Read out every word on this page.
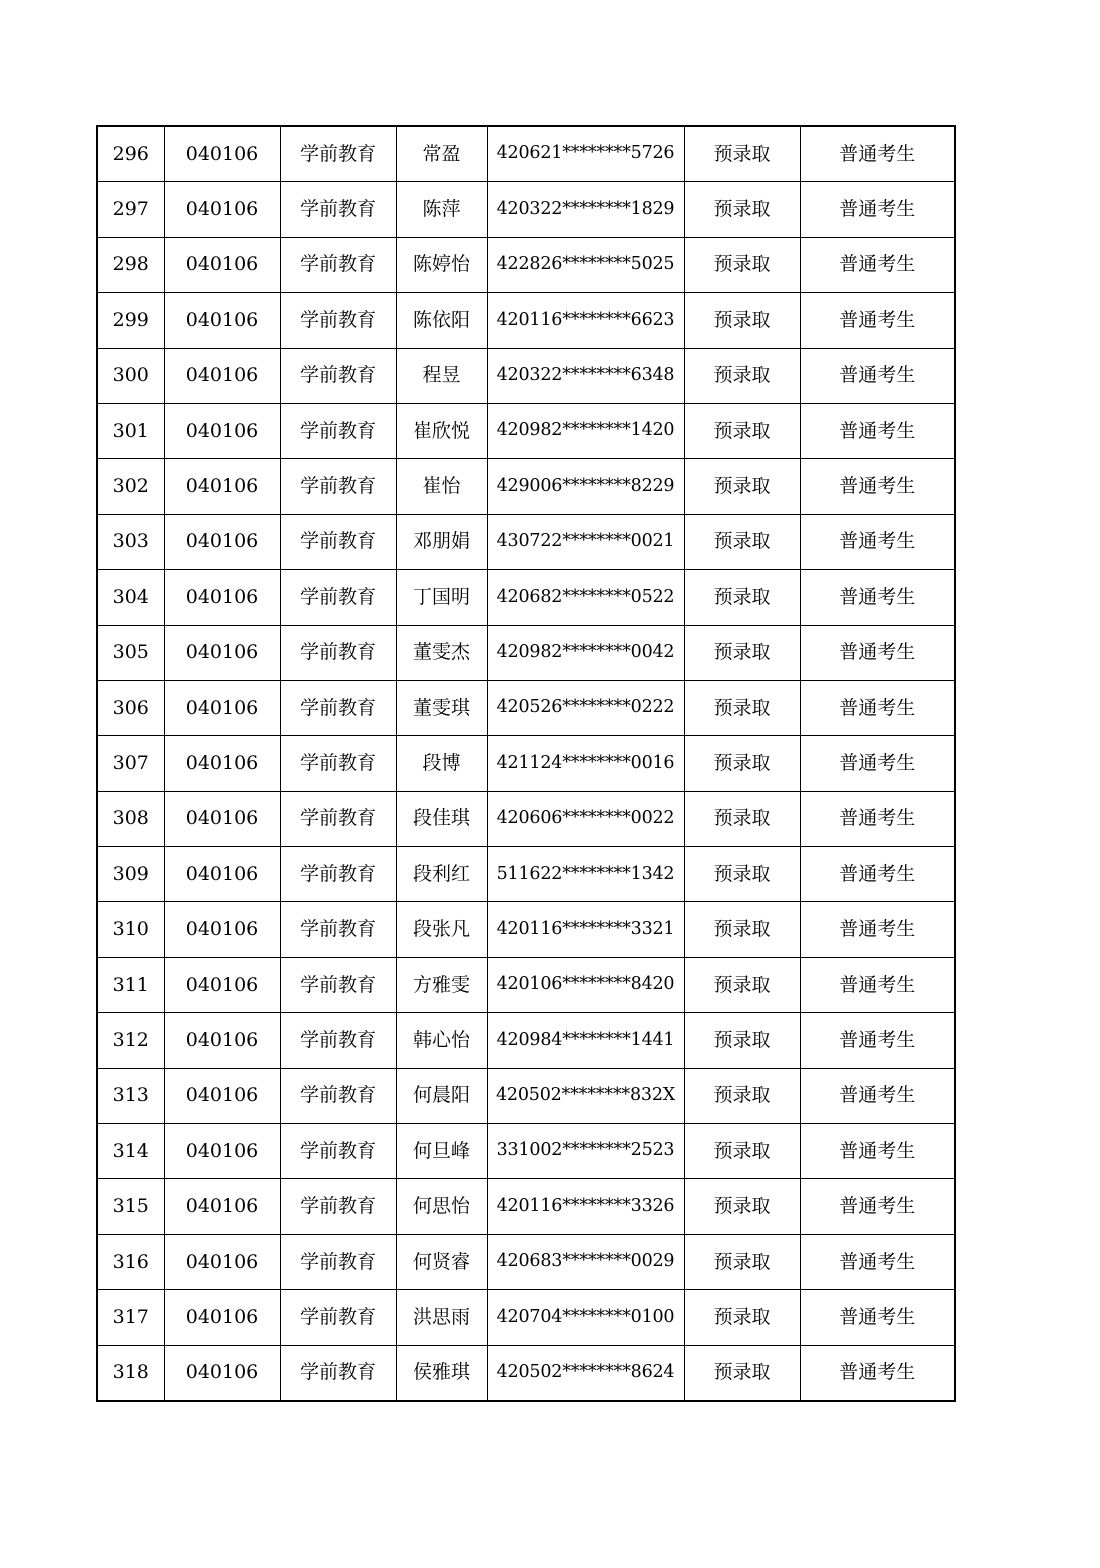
296	040106	学前教育	常盈	420621********5726	预录取	普通考生
297	040106	学前教育	陈萍	420322********1829	预录取	普通考生
298	040106	学前教育	陈婷怡	422826********5025	预录取	普通考生
299	040106	学前教育	陈依阳	420116********6623	预录取	普通考生
300	040106	学前教育	程昱	420322********6348	预录取	普通考生
301	040106	学前教育	崔欣悦	420982********1420	预录取	普通考生
302	040106	学前教育	崔怡	429006********8229	预录取	普通考生
303	040106	学前教育	邓朋娟	430722********0021	预录取	普通考生
304	040106	学前教育	丁国明	420682********0522	预录取	普通考生
305	040106	学前教育	董雯杰	420982********0042	预录取	普通考生
306	040106	学前教育	董雯琪	420526********0222	预录取	普通考生
307	040106	学前教育	段博	421124********0016	预录取	普通考生
308	040106	学前教育	段佳琪	420606********0022	预录取	普通考生
309	040106	学前教育	段利红	511622********1342	预录取	普通考生
310	040106	学前教育	段张凡	420116********3321	预录取	普通考生
311	040106	学前教育	方雅雯	420106********8420	预录取	普通考生
312	040106	学前教育	韩心怡	420984********1441	预录取	普通考生
313	040106	学前教育	何晨阳	420502********832X	预录取	普通考生
314	040106	学前教育	何旦峰	331002********2523	预录取	普通考生
315	040106	学前教育	何思怡	420116********3326	预录取	普通考生
316	040106	学前教育	何贤睿	420683********0029	预录取	普通考生
317	040106	学前教育	洪思雨	420704********0100	预录取	普通考生
318	040106	学前教育	侯雅琪	420502********8624	预录取	普通考生
